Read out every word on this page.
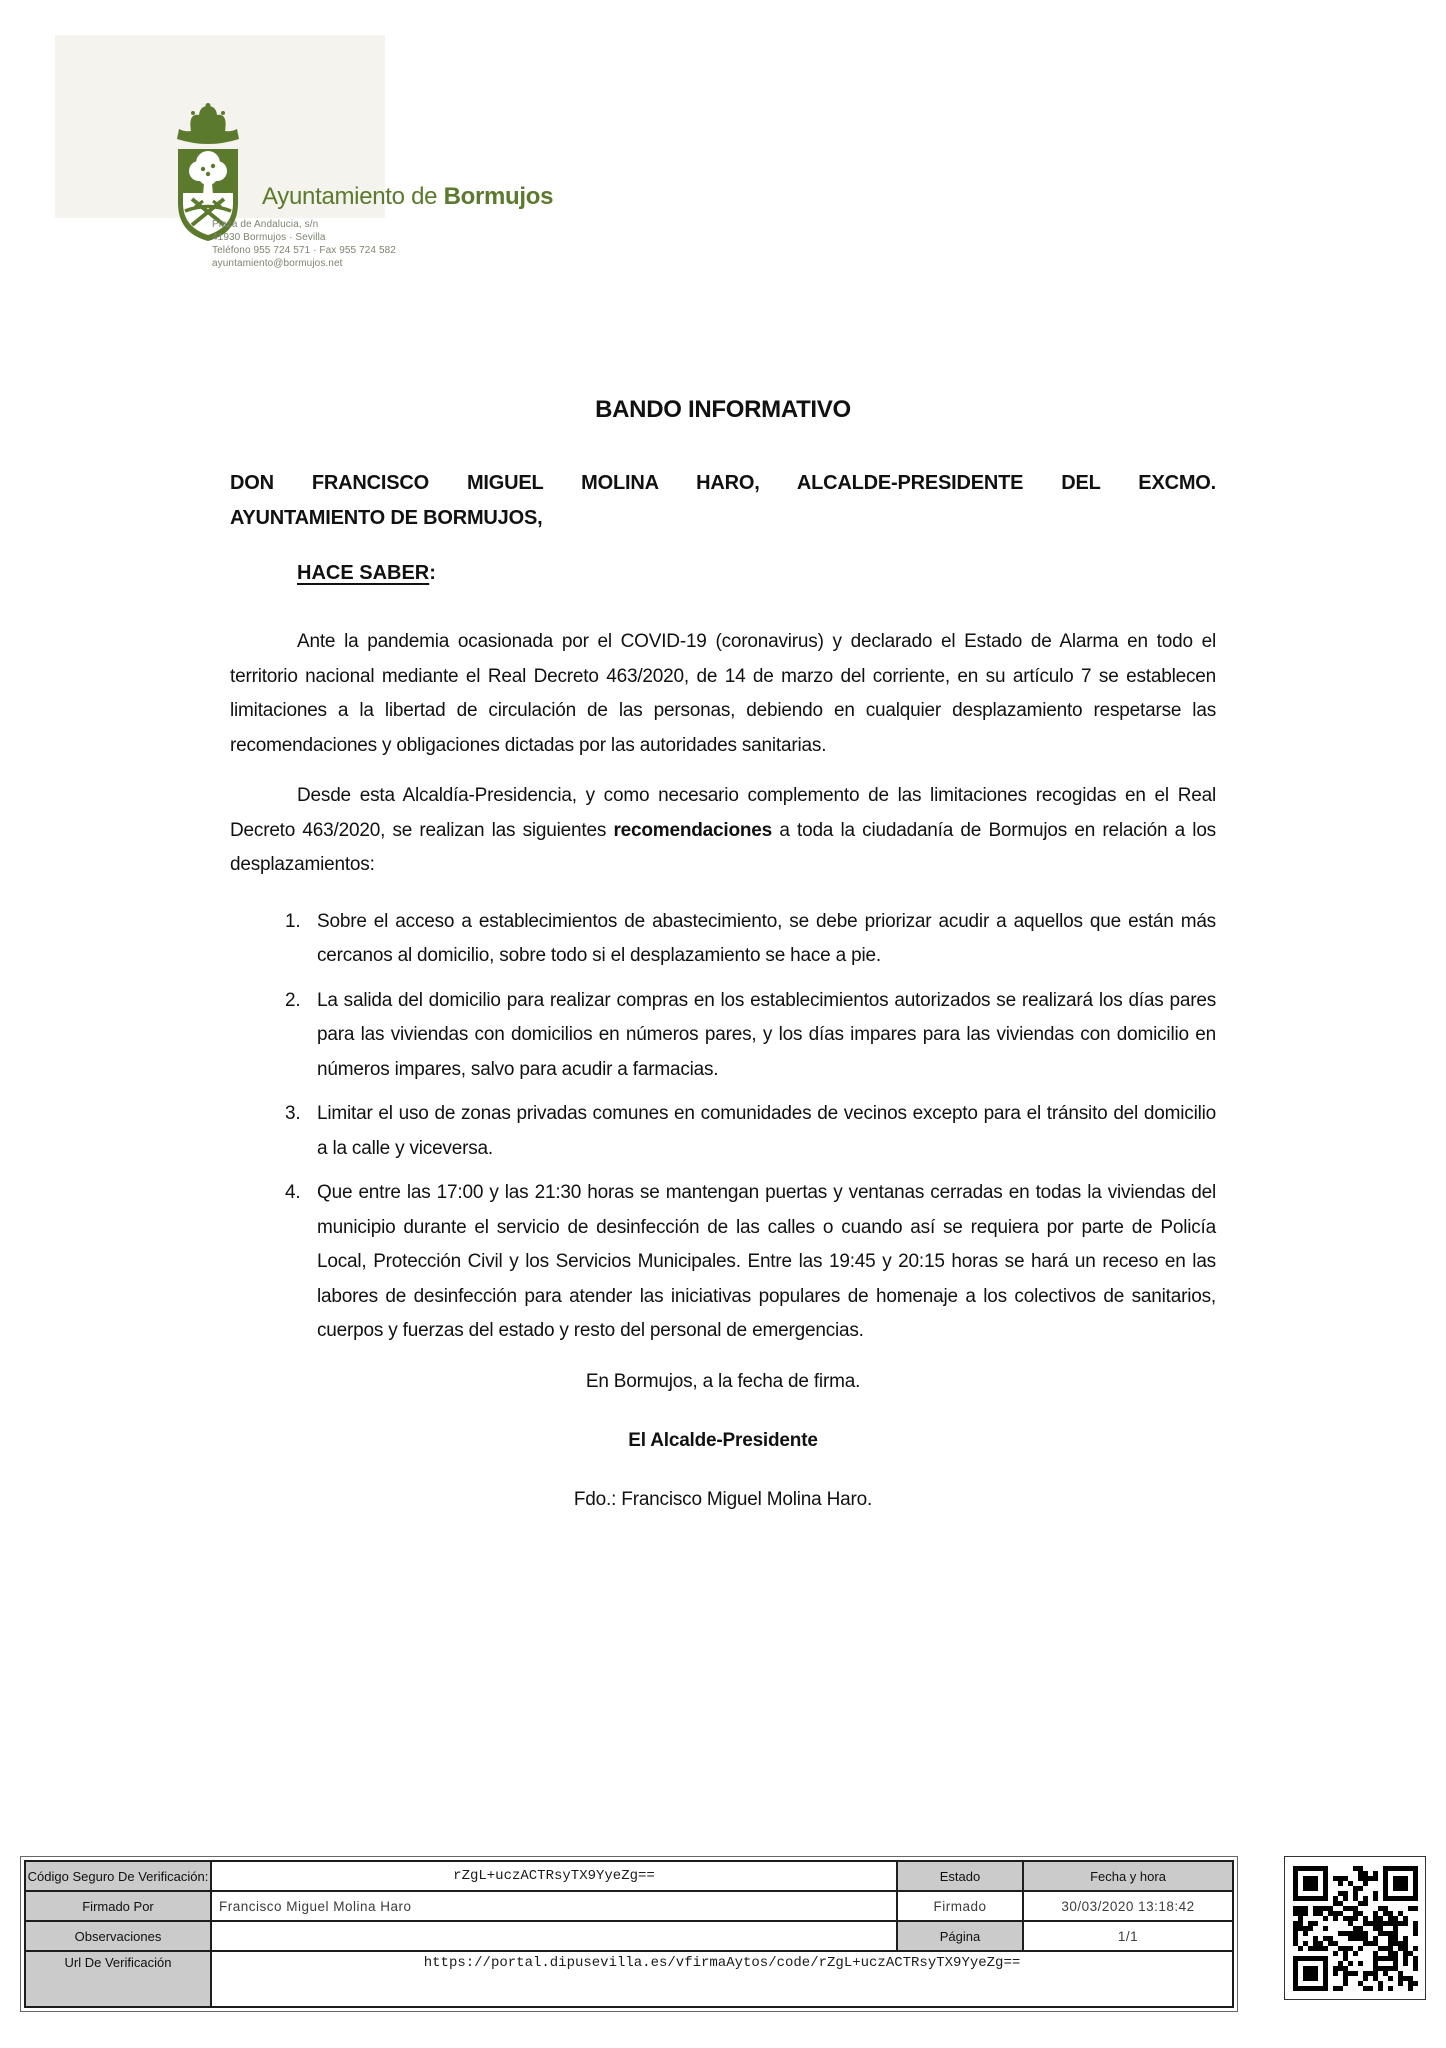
Ayuntamiento de Bormujos
Plaza de Andalucia, s/n
41930 Bormujos · Sevilla
Teléfono 955 724 571 · Fax 955 724 582
ayuntamiento@bormujos.net
BANDO INFORMATIVO
DON FRANCISCO MIGUEL MOLINA HARO, ALCALDE-PRESIDENTE DEL EXCMO.
AYUNTAMIENTO DE BORMUJOS,
HACE SABER:
Ante la pandemia ocasionada por el COVID-19 (coronavirus) y declarado el Estado de Alarma en todo el territorio nacional mediante el Real Decreto 463/2020, de 14 de marzo del corriente, en su artículo 7 se establecen limitaciones a la libertad de circulación de las personas, debiendo en cualquier desplazamiento respetarse las recomendaciones y obligaciones dictadas por las autoridades sanitarias.
Desde esta Alcaldía-Presidencia, y como necesario complemento de las limitaciones recogidas en el Real Decreto 463/2020, se realizan las siguientes recomendaciones a toda la ciudadanía de Bormujos en relación a los desplazamientos:
1. Sobre el acceso a establecimientos de abastecimiento, se debe priorizar acudir a aquellos que están más cercanos al domicilio, sobre todo si el desplazamiento se hace a pie.
2. La salida del domicilio para realizar compras en los establecimientos autorizados se realizará los días pares para las viviendas con domicilios en números pares, y los días impares para las viviendas con domicilio en números impares, salvo para acudir a farmacias.
3. Limitar el uso de zonas privadas comunes en comunidades de vecinos excepto para el tránsito del domicilio a la calle y viceversa.
4. Que entre las 17:00 y las 21:30 horas se mantengan puertas y ventanas cerradas en todas la viviendas del municipio durante el servicio de desinfección de las calles o cuando así se requiera por parte de Policía Local, Protección Civil y los Servicios Municipales. Entre las 19:45 y 20:15 horas se hará un receso en las labores de desinfección para atender las iniciativas populares de homenaje a los colectivos de sanitarios, cuerpos y fuerzas del estado y resto del personal de emergencias.
En Bormujos, a la fecha de firma.
El Alcalde-Presidente
Fdo.: Francisco Miguel Molina Haro.
Código Seguro De Verificación:	rZgL+uczACTRsyTX9YyeZg==	Estado	Fecha y hora
Firmado Por	Francisco Miguel Molina Haro	Firmado	30/03/2020 13:18:42
Observaciones		Página	1/1
Url De Verificación	https://portal.dipusevilla.es/vfirmaAytos/code/rZgL+uczACTRsyTX9YyeZg==		
